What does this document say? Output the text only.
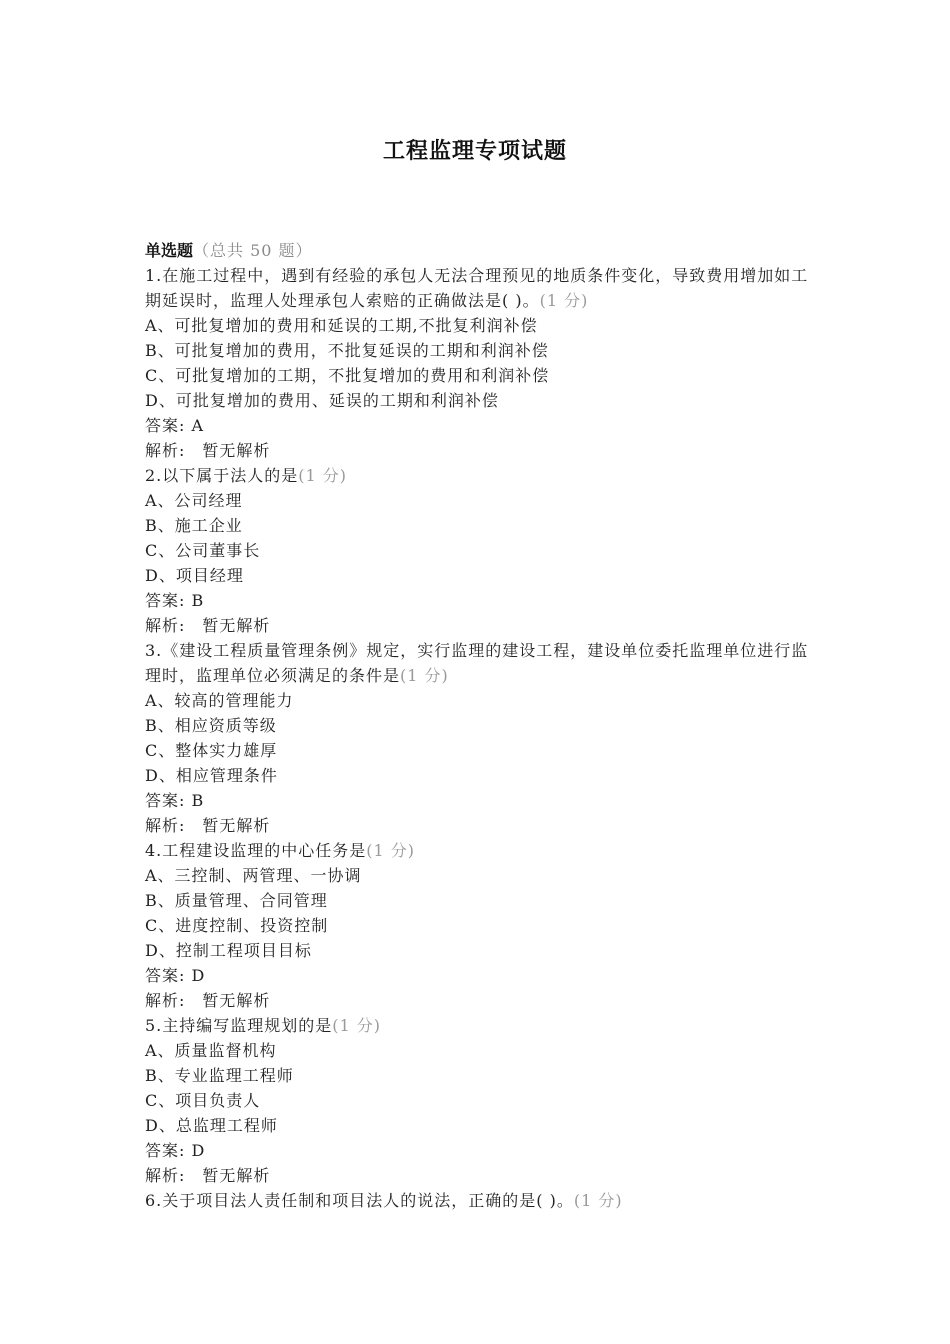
工程监理专项试题
单选题（总共 50 题）
1.在施工过程中，遇到有经验的承包人无法合理预见的地质条件变化，导致费用增加如工期延误时，监理人处理承包人索赔的正确做法是( )。(1 分)
A、可批复增加的费用和延误的工期,不批复利润补偿
B、可批复增加的费用，不批复延误的工期和利润补偿
C、可批复增加的工期，不批复增加的费用和利润补偿
D、可批复增加的费用、延误的工期和利润补偿
答案: A
解析:　暂无解析
2.以下属于法人的是(1 分)
A、公司经理
B、施工企业
C、公司董事长
D、项目经理
答案: B
解析:　暂无解析
3.《建设工程质量管理条例》规定，实行监理的建设工程，建设单位委托监理单位进行监理时，监理单位必须满足的条件是(1 分)
A、较高的管理能力
B、相应资质等级
C、整体实力雄厚
D、相应管理条件
答案: B
解析:　暂无解析
4.工程建设监理的中心任务是(1 分)
A、三控制、两管理、一协调
B、质量管理、合同管理
C、进度控制、投资控制
D、控制工程项目目标
答案: D
解析:　暂无解析
5.主持编写监理规划的是(1 分)
A、质量监督机构
B、专业监理工程师
C、项目负责人
D、总监理工程师
答案: D
解析:　暂无解析
6.关于项目法人责任制和项目法人的说法，正确的是( )。(1 分)
